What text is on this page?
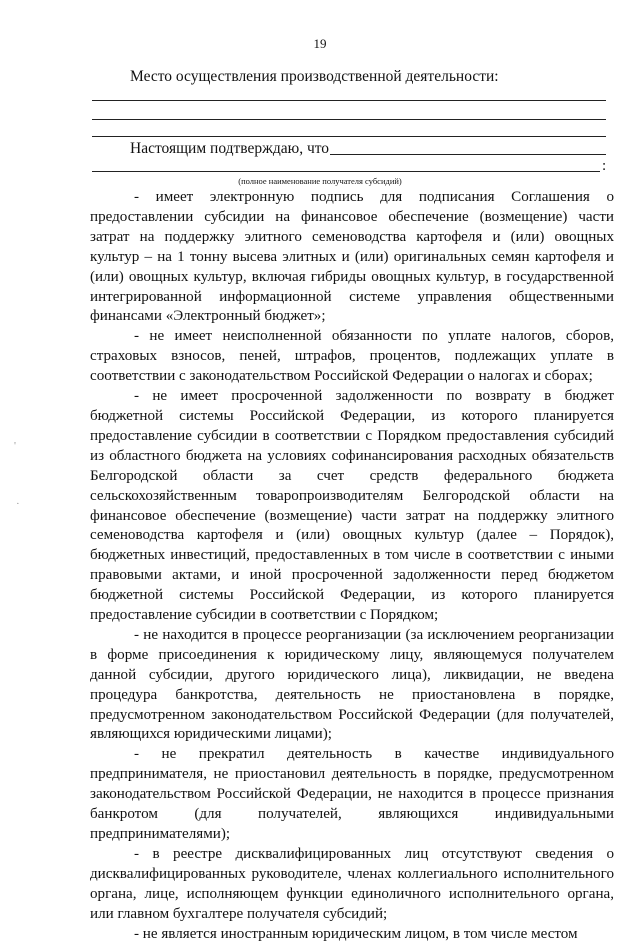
19
Место осуществления производственной деятельности:
Настоящим подтверждаю, что
:
(полное наименование получателя субсидий)

- имеет электронную подпись для подписания Соглашения о предоставлении субсидии на финансовое обеспечение (возмещение) части затрат на поддержку элитного семеноводства картофеля и (или) овощных культур – на 1 тонну высева элитных и (или) оригинальных семян картофеля и (или) овощных культур, включая гибриды овощных культур, в государственной интегрированной информационной системе управления общественными финансами «Электронный бюджет»;

- не имеет неисполненной обязанности по уплате налогов, сборов, страховых взносов, пеней, штрафов, процентов, подлежащих уплате в соответствии с законодательством Российской Федерации о налогах и сборах;

- не имеет просроченной задолженности по возврату в бюджет бюджетной системы Российской Федерации, из которого планируется предоставление субсидии в соответствии с Порядком предоставления субсидий из областного бюджета на условиях софинансирования расходных обязательств Белгородской области за счет средств федерального бюджета сельскохозяйственным товаропроизводителям Белгородской области на финансовое обеспечение (возмещение) части затрат на поддержку элитного семеноводства картофеля и (или) овощных культур (далее – Порядок), бюджетных инвестиций, предоставленных в том числе в соответствии с иными правовыми актами, и иной просроченной задолженности перед бюджетом бюджетной системы Российской Федерации, из которого планируется предоставление субсидии в соответствии с Порядком;

- не находится в процессе реорганизации (за исключением реорганизации в форме присоединения к юридическому лицу, являющемуся получателем данной субсидии, другого юридического лица), ликвидации, не введена процедура банкротства, деятельность не приостановлена в порядке, предусмотренном законодательством Российской Федерации (для получателей, являющихся юридическими лицами);

- не прекратил деятельность в качестве индивидуального предпринимателя, не приостановил деятельность в порядке, предусмотренном законодательством Российской Федерации, не находится в процессе признания банкротом (для получателей, являющихся индивидуальными предпринимателями);

- в реестре дисквалифицированных лиц отсутствуют сведения о дисквалифицированных руководителе, членах коллегиального исполнительного органа, лице, исполняющем функции единоличного исполнительного органа, или главном бухгалтере получателя субсидий;

- не является иностранным юридическим лицом, в том числе местом

'
·
